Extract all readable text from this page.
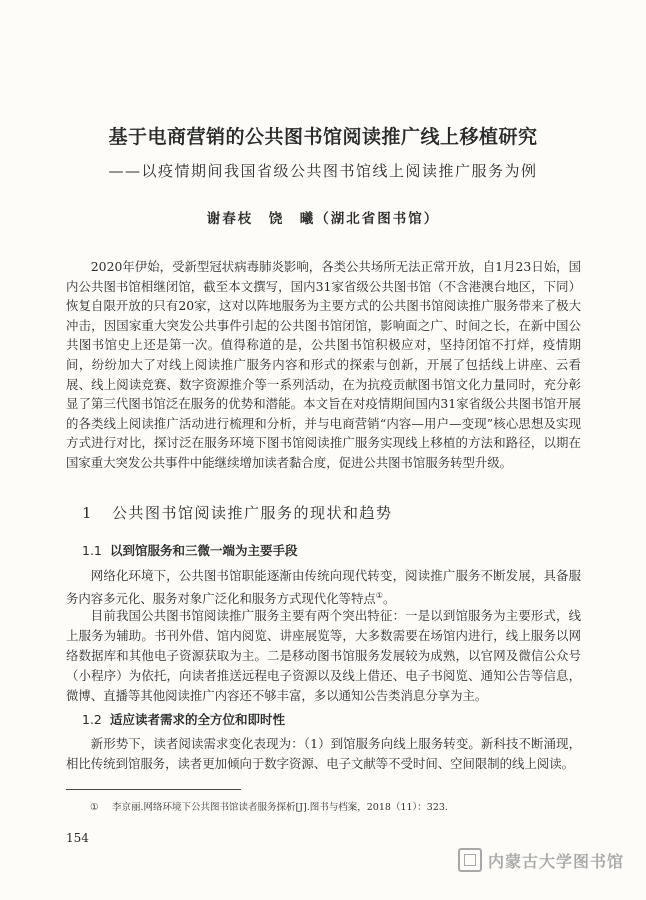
基于电商营销的公共图书馆阅读推广线上移植研究
——以疫情期间我国省级公共图书馆线上阅读推广服务为例
谢春枝　饶　曦（湖北省图书馆）

2020年伊始，受新型冠状病毒肺炎影响，各类公共场所无法正常开放，自1月23日始，国内公共图书馆相继闭馆，截至本文撰写，国内31家省级公共图书馆（不含港澳台地区，下同）恢复自限开放的只有20家，这对以阵地服务为主要方式的公共图书馆阅读推广服务带来了极大冲击，因国家重大突发公共事件引起的公共图书馆闭馆，影响面之广、时间之长，在新中国公共图书馆史上还是第一次。值得称道的是，公共图书馆积极应对，坚持闭馆不打烊，疫情期间，纷纷加大了对线上阅读推广服务内容和形式的探索与创新，开展了包括线上讲座、云看展、线上阅读竞赛、数字资源推介等一系列活动，在为抗疫贡献图书馆文化力量同时，充分彰显了第三代图书馆泛在服务的优势和潜能。本文旨在对疫情期间国内31家省级公共图书馆开展的各类线上阅读推广活动进行梳理和分析，并与电商营销“内容—用户—变现”核心思想及实现方式进行对比，探讨泛在服务环境下图书馆阅读推广服务实现线上移植的方法和路径，以期在国家重大突发公共事件中能继续增加读者黏合度，促进公共图书馆服务转型升级。

1 公共图书馆阅读推广服务的现状和趋势
1.1 以到馆服务和三微一端为主要手段

网络化环境下，公共图书馆职能逐渐由传统向现代转变，阅读推广服务不断发展，具备服务内容多元化、服务对象广泛化和服务方式现代化等特点①。

目前我国公共图书馆阅读推广服务主要有两个突出特征：一是以到馆服务为主要形式，线上服务为辅助。书刊外借、馆内阅览、讲座展览等，大多数需要在场馆内进行，线上服务以网络数据库和其他电子资源获取为主。二是移动图书馆服务发展较为成熟，以官网及微信公众号（小程序）为依托，向读者推送远程电子资源以及线上借还、电子书阅览、通知公告等信息，微博、直播等其他阅读推广内容还不够丰富，多以通知公告类消息分享为主。

1.2 适应读者需求的全方位和即时性

新形势下，读者阅读需求变化表现为：（1）到馆服务向线上服务转变。新科技不断涌现，相比传统到馆服务，读者更加倾向于数字资源、电子文献等不受时间、空间限制的线上阅读。

① 李京丽.网络环境下公共图书馆读者服务探析[J].图书与档案，2018（11）：323.
154
内蒙古大学图书馆
